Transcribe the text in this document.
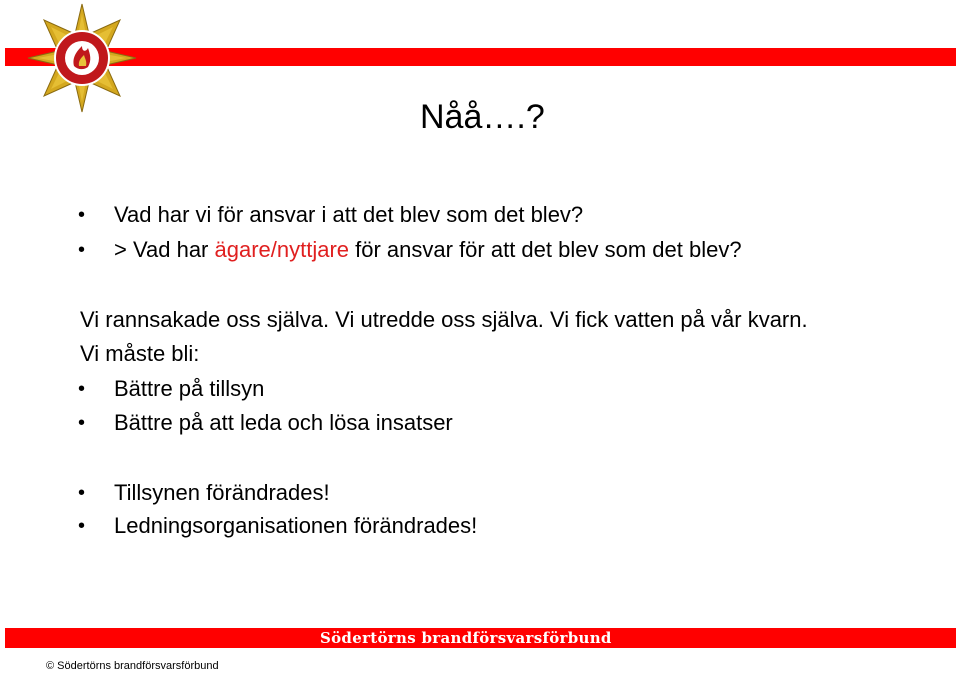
Nåå….?
• Vad har vi för ansvar i att det blev som det blev?
• > Vad har ägare/nyttjare för ansvar för att det blev som det blev?
Vi rannsakade oss själva. Vi utredde oss själva. Vi fick vatten på vår kvarn.
Vi måste bli:
• Bättre på tillsyn
• Bättre på att leda och lösa insatser
• Tillsynen förändrades!
• Ledningsorganisationen förändrades!
Södertörns brandförsvarsförbund
© Södertörns brandförsvarsförbund
